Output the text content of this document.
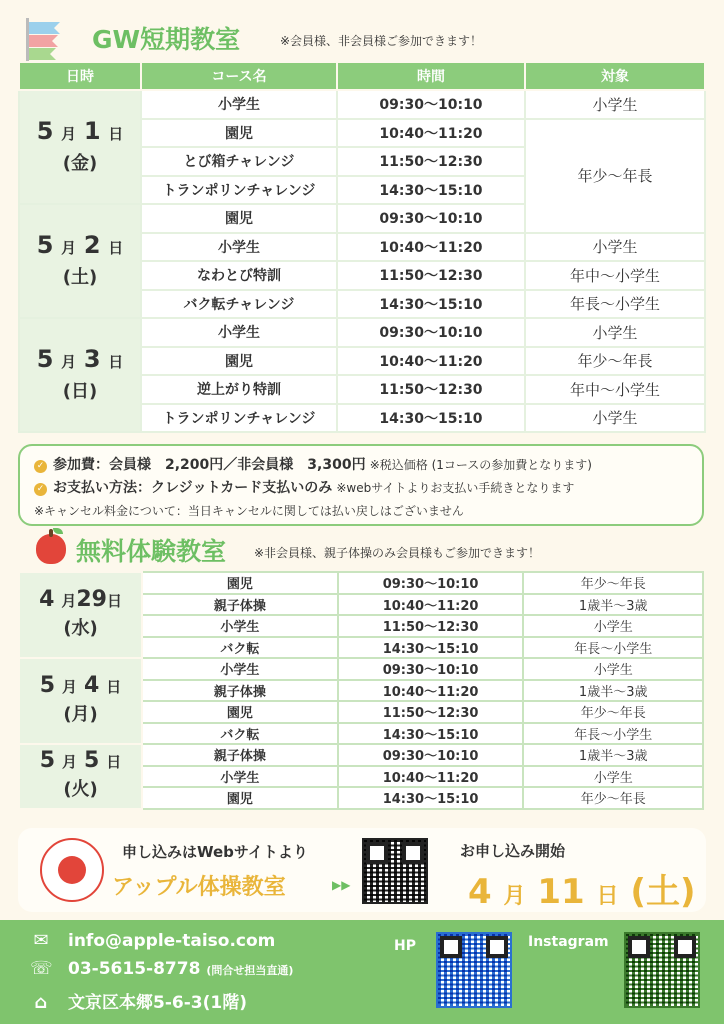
GW短期教室	※会員様、非会員様ご参加できます！
日時	コース名	時間	対象

5 月 1 日
(金)	小学生	09:30〜10:10	小学生
	園児	10:40〜11:20	年少〜年長
	とび箱チャレンジ	11:50〜12:30	
	トランポリンチャレンジ	14:30〜15:10	

5 月 2 日
(土)	園児	09:30〜10:10	
	小学生	10:40〜11:20	小学生
	なわとび特訓	11:50〜12:30	年中〜小学生
	バク転チャレンジ	14:30〜15:10	年長〜小学生

5 月 3 日
(日)	小学生	09:30〜10:10	小学生
	園児	10:40〜11:20	年少〜年長
	逆上がり特訓	11:50〜12:30	年中〜小学生
	トランポリンチャレンジ	14:30〜15:10	小学生
✓ 参加費：会員様　2,200円／非会員様　3,300円 ※税込価格 (1コースの参加費となります)
✓ お支払い方法：クレジットカード支払いのみ ※webサイトよりお支払い手続きとなります
※キャンセル料金について：当日キャンセルに関しては払い戻しはございません
無料体験教室 ※非会員様、親子体操のみ会員様もご参加できます！
4 月29日
(水)	園児	09:30〜10:10	年少〜年長
	親子体操	10:40〜11:20	1歳半〜3歳
	小学生	11:50〜12:30	小学生
	バク転	14:30〜15:10	年長〜小学生

5 月 4 日
(月)	小学生	09:30〜10:10	小学生
	親子体操	10:40〜11:20	1歳半〜3歳
	園児	11:50〜12:30	年少〜年長
	バク転	14:30〜15:10	年長〜小学生

5 月 5 日
(火)	親子体操	09:30〜10:10	1歳半〜3歳
	小学生	10:40〜11:20	小学生
	園児	14:30〜15:10	年少〜年長
申し込みはWebサイトより
アップル体操教室	▶▶
お申し込み開始
4 月 11 日 (土)
✉ info@apple-taiso.com
☏ 03-5615-8778 (問合せ担当直通)
⌂ 文京区本郷5-6-3(1階)
HP	Instagram
